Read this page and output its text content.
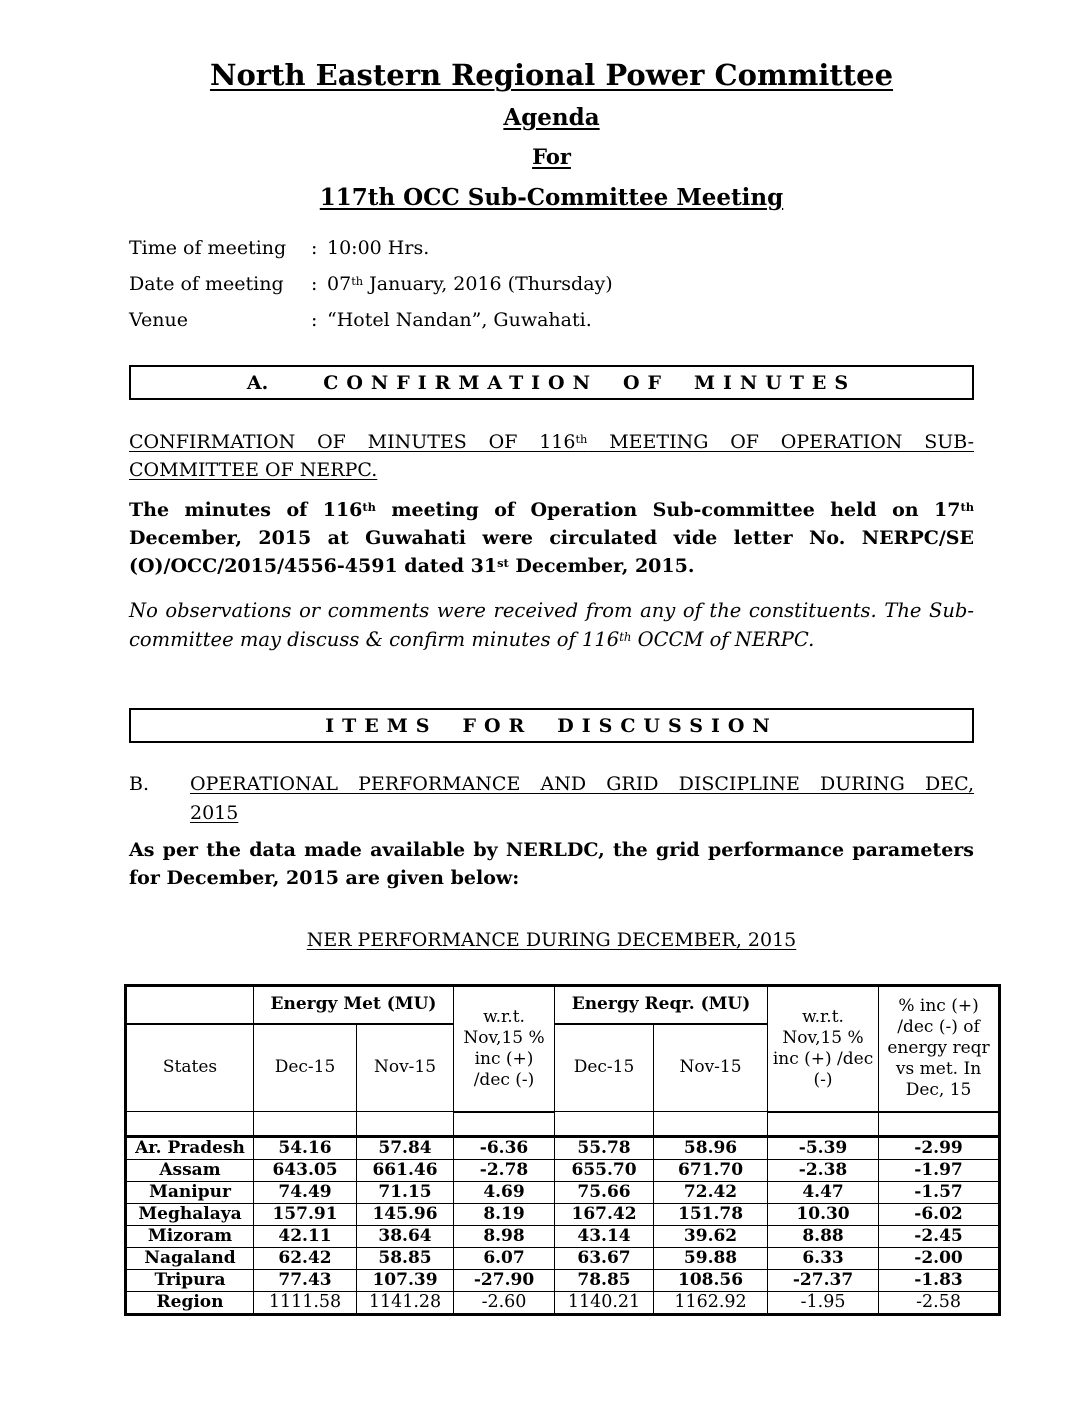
North Eastern Regional Power Committee
Agenda
For
117th OCC Sub-Committee Meeting
Time of meeting	: 10:00 Hrs.
Date of meeting	: 07th January, 2016 (Thursday)
Venue	: “Hotel Nandan”, Guwahati.
A.	CONFIRMATION OF MINUTES
CONFIRMATION OF MINUTES OF 116th MEETING OF OPERATION SUB-
COMMITTEE OF NERPC.

The minutes of 116th meeting of Operation Sub-committee held on 17th December, 2015 at Guwahati were circulated vide letter No. NERPC/SE (O)/OCC/2015/4556-4591 dated 31st December, 2015.

No observations or comments were received from any of the constituents. The Sub-committee may discuss & confirm minutes of 116th OCCM of NERPC.

ITEMS FOR DISCUSSION
B.	OPERATIONAL PERFORMANCE AND GRID DISCIPLINE DURING DEC,
2015

As per the data made available by NERLDC, the grid performance parameters for December, 2015 are given below:

NER PERFORMANCE DURING DECEMBER, 2015
	Energy Met (MU)		w.r.t. Nov,15 % inc (+) /dec (-)	Energy Reqr. (MU)		w.r.t. Nov,15 % inc (+) /dec (-)	% inc (+) /dec (-) of energy reqr vs met. In Dec, 15
States	Dec-15	Nov-15		Dec-15	Nov-15		

Ar. Pradesh	54.16	57.84	-6.36	55.78	58.96	-5.39	-2.99
Assam	643.05	661.46	-2.78	655.70	671.70	-2.38	-1.97
Manipur	74.49	71.15	4.69	75.66	72.42	4.47	-1.57
Meghalaya	157.91	145.96	8.19	167.42	151.78	10.30	-6.02
Mizoram	42.11	38.64	8.98	43.14	39.62	8.88	-2.45
Nagaland	62.42	58.85	6.07	63.67	59.88	6.33	-2.00
Tripura	77.43	107.39	-27.90	78.85	108.56	-27.37	-1.83
Region	1111.58	1141.28	-2.60	1140.21	1162.92	-1.95	-2.58
